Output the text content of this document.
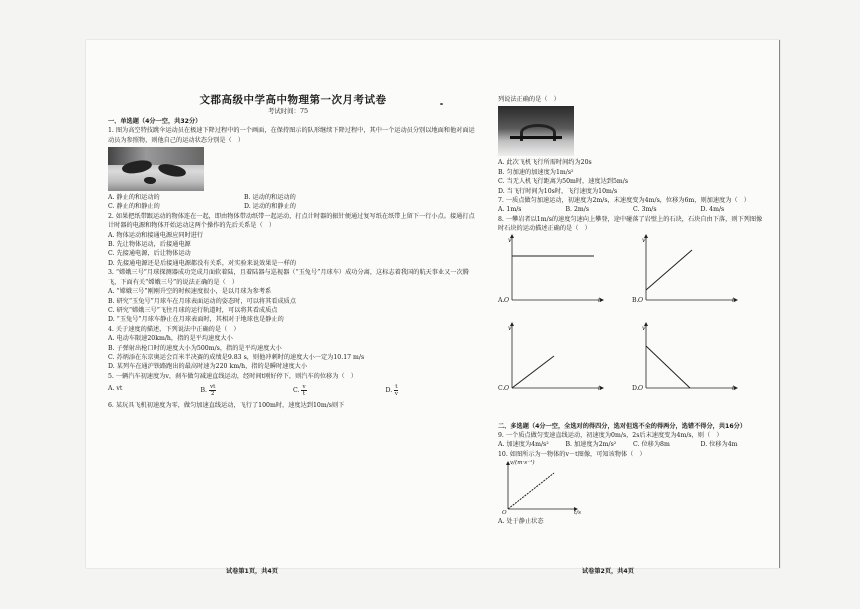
文郡高级中学高中物理第一次月考试卷
考试时间：75
一、单选题（4分一空，共32分）

1. 图为高空特技跳伞运动员在极速下降过程中的一个画面，在保持图示的队形继续下降过程中，其中一个运动员分别以地面和他对面运动员为参照物，则他自己的运动状态分别是（　）

A. 静止的和运动的	B. 运动的和运动的
C. 静止的和静止的	D. 运动的和静止的

2. 如果把纸带跟运动的物体连在一起，即由物体带动纸带一起运动，打点计时器的振针便通过复写纸在纸带上留下一行小点。接通打点计时器的电源和物体开始运动这两个操作的先后关系是（　）

A. 物体运动和接通电源应同时进行
B. 先让物体运动，后接通电源
C. 先接通电源，后让物体运动
D. 先接通电源还是后接通电源都没有关系，对实验来说效果是一样的

3. “嫦娥三号”月球探测器成功完成月面软着陆，且着陆器与巡视器（“玉兔号”月球车）成功分离，这标志着我国的航天事业又一次腾飞，下面有关“嫦娥三号”的说法正确的是（　）

A. “嫦娥三号”刚刚升空的时候速度很小，是以月球为参考系
B. 研究“玉兔号”月球车在月球表面运动的姿态时，可以将其看成质点
C. 研究“嫦娥三号”飞往月球的运行轨道时，可以将其看成质点
D. “玉兔号”月球车静止在月球表面时，其相对于地球也是静止的

4. 关于速度的描述，下列说法中正确的是（　）

A. 电动车限速20km/h，指的是平均速度大小
B. 子弹射出枪口时的速度大小为500m/s，指的是平均速度大小
C. 苏炳添在东京奥运会百米半决赛的成绩是9.83 s，则他冲刺时的速度大小一定为10.17 m/s
D. 某列车在通沪铁路跑出的最高时速为220 km/h，指的是瞬时速度大小

5. 一辆汽车初速度为v，刹车做匀减速直线运动，经时间t刚好停下，则汽车的位移为（　）

A. vt	B. $\frac{vt}{2}$	C. $\frac{v}{t}$	D. $\frac{t}{v}$

6. 某玩具飞机初速度为零，做匀加速直线运动，飞行了100m时，速度达到10m/s则下

列说法正确的是（　）
A. 此次飞机飞行所需时间约为20s
B. 匀加速的加速度为1m/s²
C. 当无人机飞行距离为50m时，速度达到5m/s
D. 当飞行时间为10s时，飞行速度为10m/s

7. 一质点做匀加速运动，初速度为2m/s，末速度变为4m/s，位移为6m，则加速度为（　）

A. 1m/s	B. 2m/s	C. 3m/s	D. 4m/s

8. 一攀岩者以1m/s的速度匀速向上攀登，途中碰落了岩壁上的石块，石块自由下落，则下列图像时石块的运动描述正确的是（　）

A.
v
O	t	B.
v
O	t
C.
v
O	t	D.
v
O	t
二、多选题（4分一空，全选对的得四分，选对但选不全的得两分，选错不得分，共16分）

9. 一个质点做匀变速直线运动，初速度为0m/s，2s后末速度变为4m/s，则（　）

A. 加速度为4m/s²	B. 加速度为2m/s²	C. 位移为8m	D. 位移为4m

10. 如图所示为一物体的v－t图像，可知该物体（　）

v/(m·s⁻¹)
O	t/s
A. 处于静止状态
试卷第1页，共4页	试卷第2页，共4页
